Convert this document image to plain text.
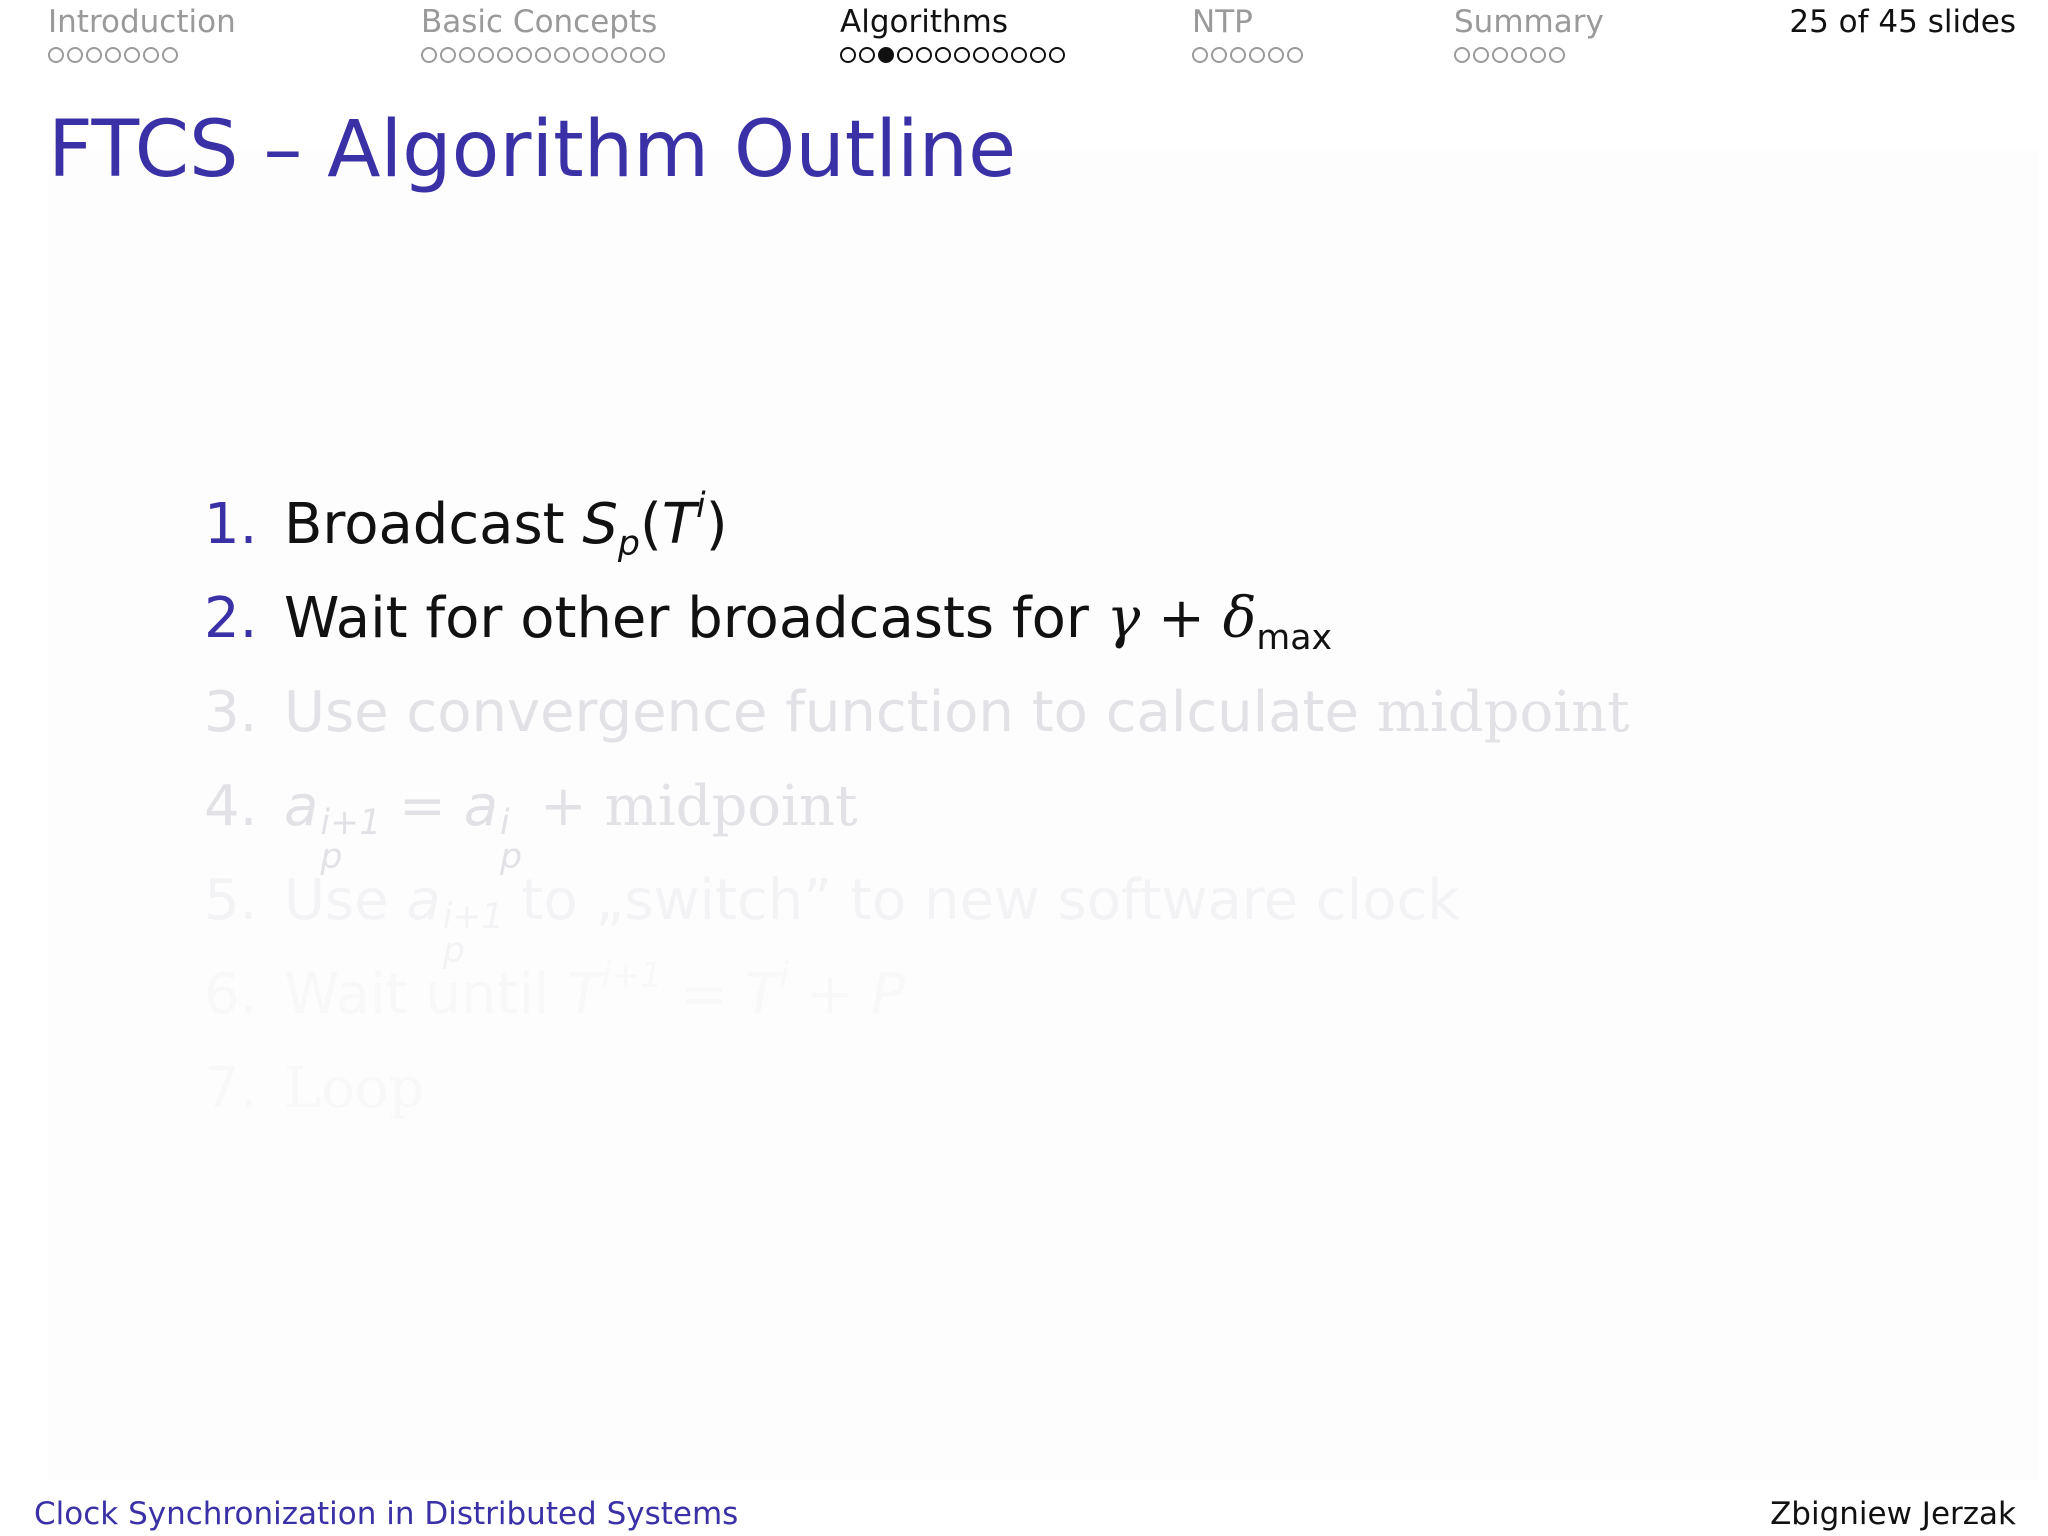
Introduction	Basic Concepts	Algorithms	NTP	Summary	25 of 45 slides
FTCS – Algorithm Outline
1. Broadcast $S_p(T^i)$
2. Wait for other broadcasts for $\gamma + \delta_{max}$
3. Use convergence function to calculate midpoint
4. a i+1
p
= a i
p
+ midpoint
5. Use a i+1
p
to „switch” to new software clock
6. Wait until $T^{i+1} = T^i + P$
7. Loop
Clock Synchronization in Distributed Systems	Zbigniew Jerzak
